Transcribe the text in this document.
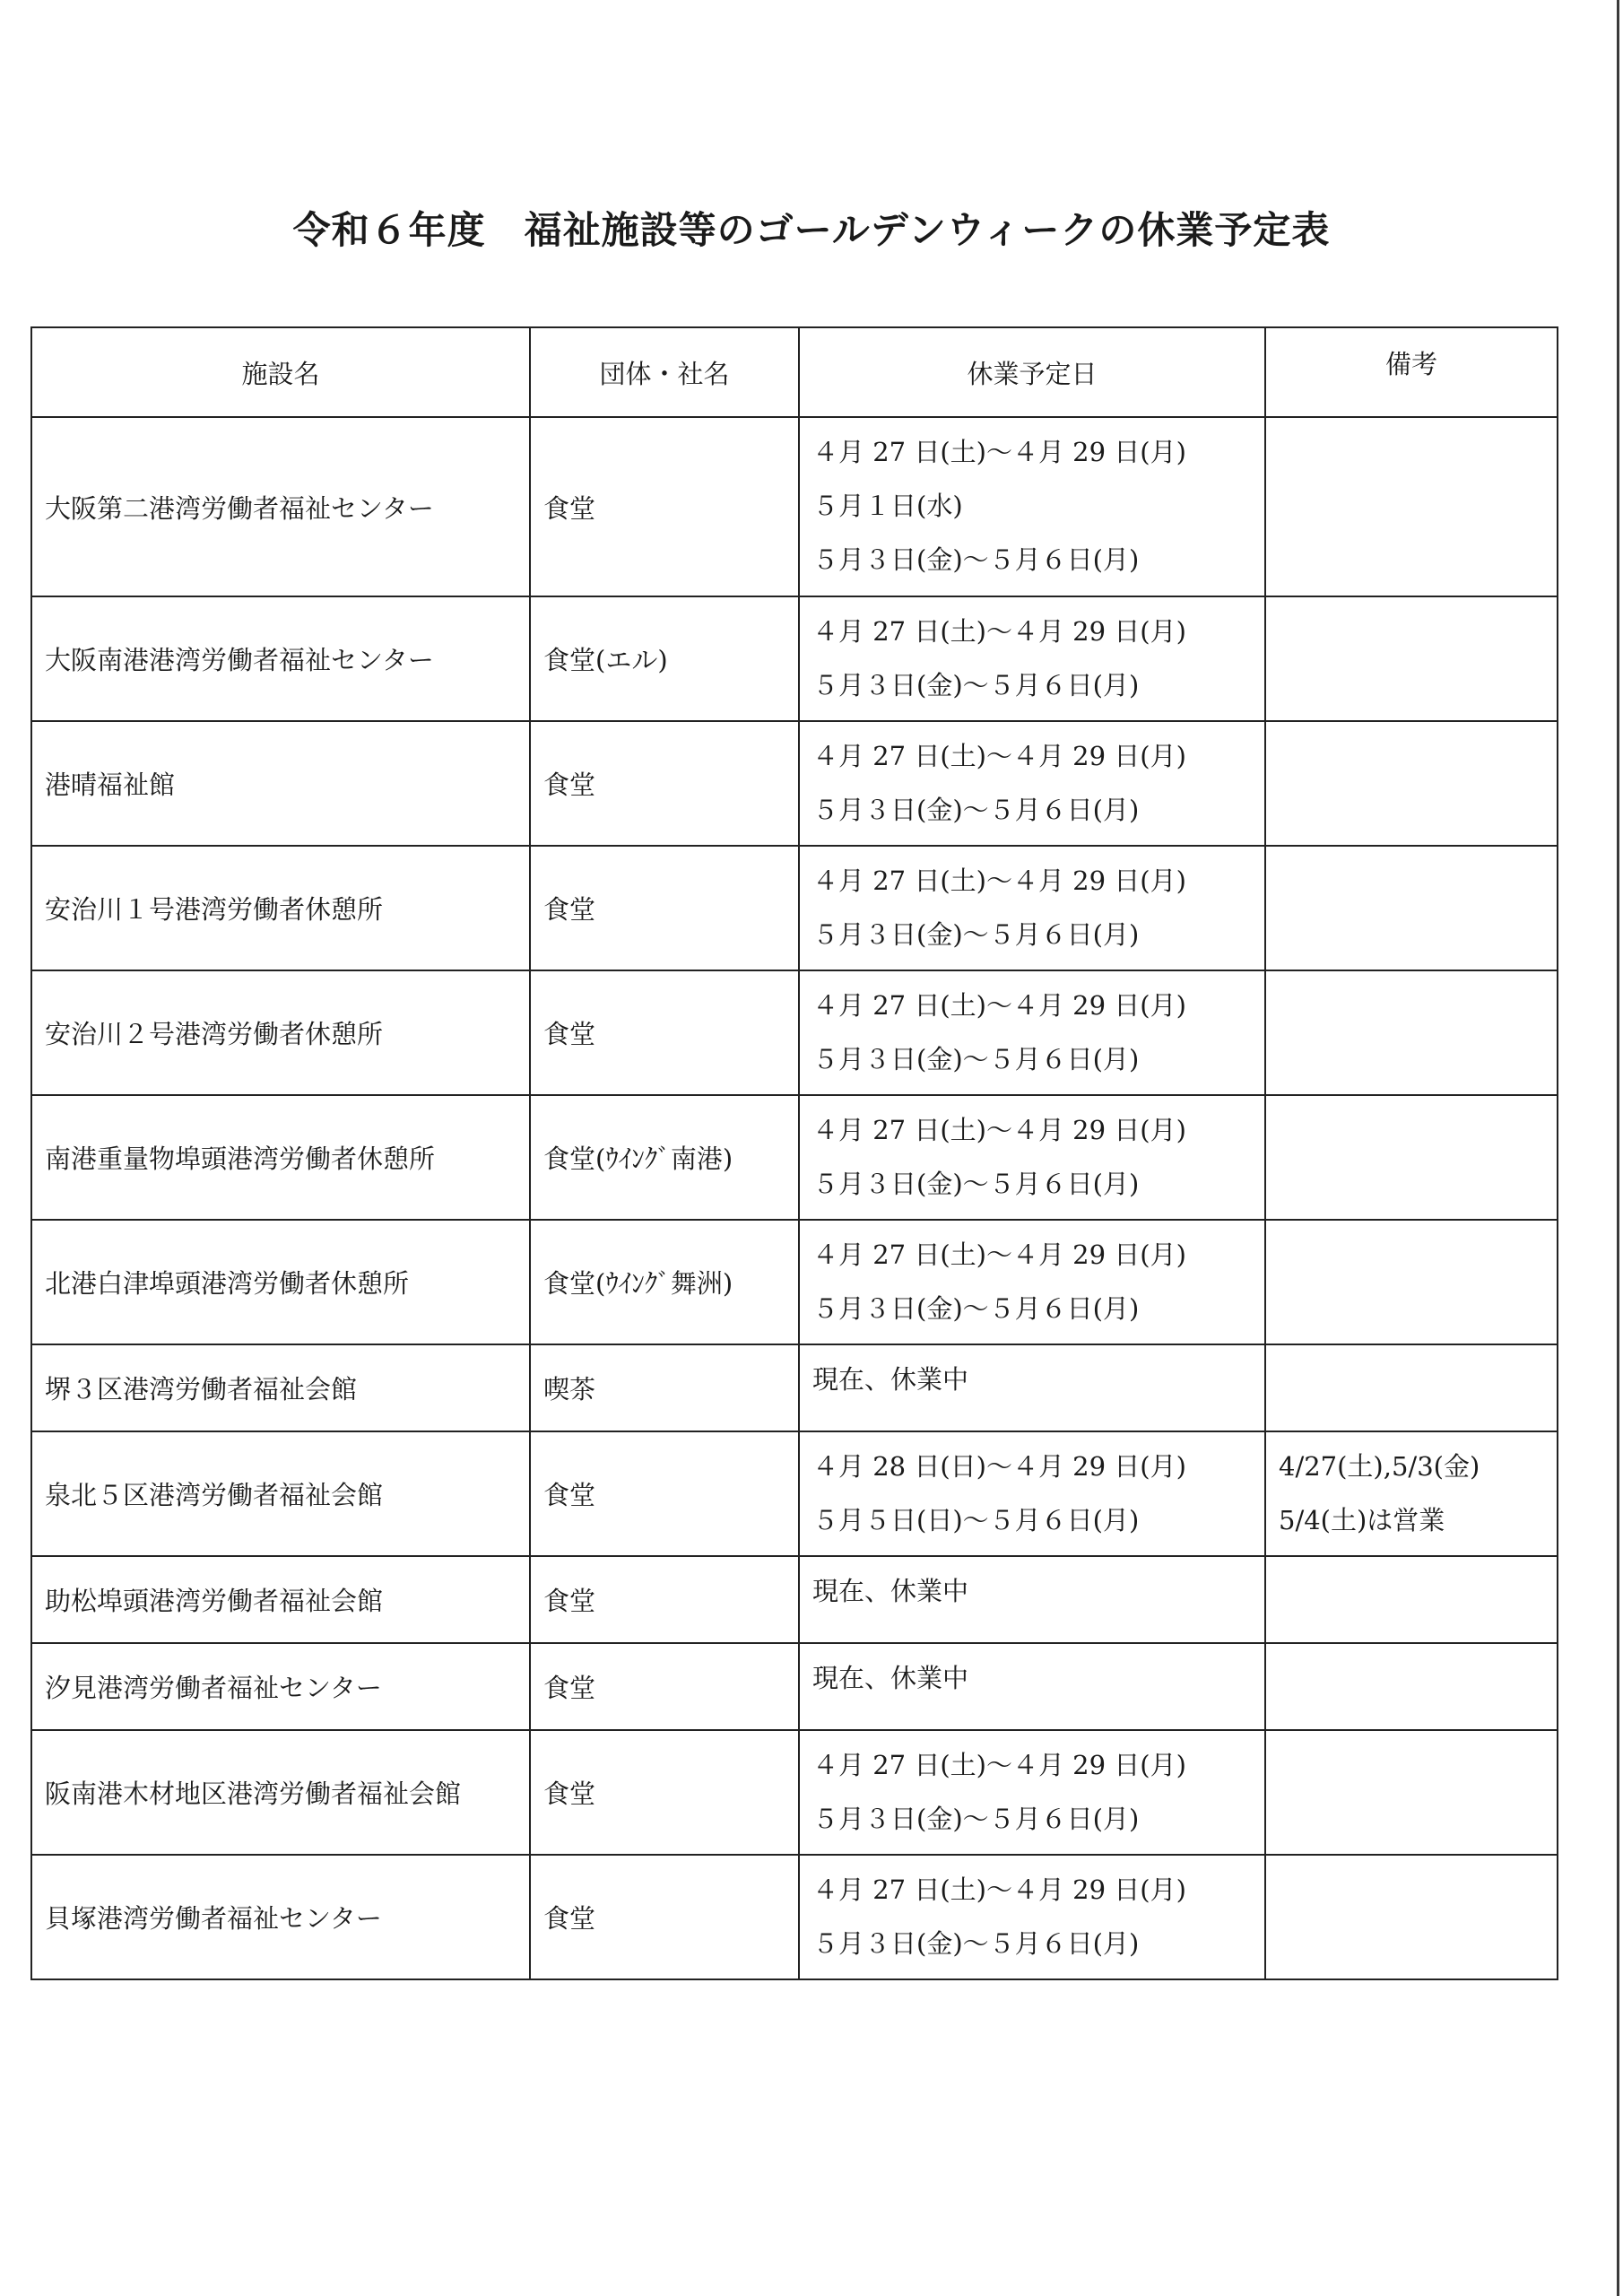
令和６年度　福祉施設等のゴールデンウィークの休業予定表
施設名	団体・社名	休業予定日	備考
大阪第二港湾労働者福祉センター	食堂	４月 27 日(土)～４月 29 日(月)
５月１日(水)
５月３日(金)～５月６日(月)	

大阪南港港湾労働者福祉センター	食堂(エル)	４月 27 日(土)～４月 29 日(月)
５月３日(金)～５月６日(月)	

港晴福祉館	食堂	４月 27 日(土)～４月 29 日(月)
５月３日(金)～５月６日(月)	

安治川１号港湾労働者休憩所	食堂	４月 27 日(土)～４月 29 日(月)
５月３日(金)～５月６日(月)	

安治川２号港湾労働者休憩所	食堂	４月 27 日(土)～４月 29 日(月)
５月３日(金)～５月６日(月)	

南港重量物埠頭港湾労働者休憩所	食堂(ｳｲﾝｸﾞ南港)	４月 27 日(土)～４月 29 日(月)
５月３日(金)～５月６日(月)	

北港白津埠頭港湾労働者休憩所	食堂(ｳｲﾝｸﾞ舞洲)	４月 27 日(土)～４月 29 日(月)
５月３日(金)～５月６日(月)	

堺３区港湾労働者福祉会館	喫茶	現在、休業中	

泉北５区港湾労働者福祉会館	食堂	４月 28 日(日)～４月 29 日(月)
５月５日(日)～５月６日(月)	4/27(土),5/3(金)
5/4(土)は営業

助松埠頭港湾労働者福祉会館	食堂	現在、休業中	

汐見港湾労働者福祉センター	食堂	現在、休業中	

阪南港木材地区港湾労働者福祉会館	食堂	４月 27 日(土)～４月 29 日(月)
５月３日(金)～５月６日(月)	

貝塚港湾労働者福祉センター	食堂	４月 27 日(土)～４月 29 日(月)
５月３日(金)～５月６日(月)	
